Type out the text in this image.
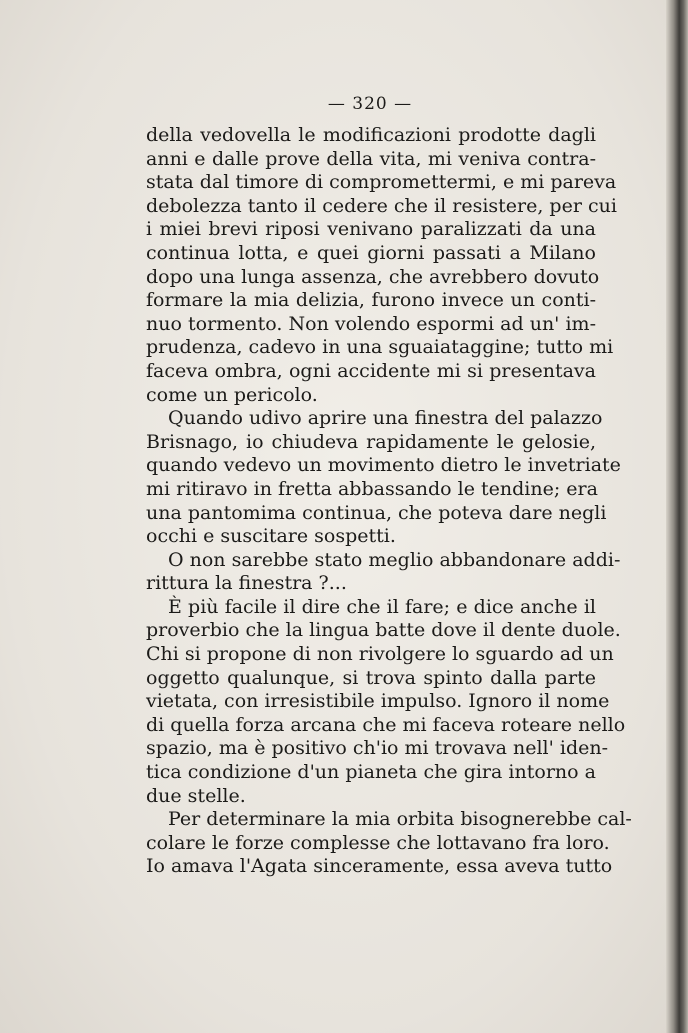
— 320 —
della vedovella le modificazioni prodotte dagli
anni e dalle prove della vita, mi veniva contra-
stata dal timore di compromettermi, e mi pareva
debolezza tanto il cedere che il resistere, per cui
i miei brevi riposi venivano paralizzati da una
continua lotta, e quei giorni passati a Milano
dopo una lunga assenza, che avrebbero dovuto
formare la mia delizia, furono invece un conti-
nuo tormento. Non volendo espormi ad un' im-
prudenza, cadevo in una sguaiataggine; tutto mi
faceva ombra, ogni accidente mi si presentava
come un pericolo.
Quando udivo aprire una finestra del palazzo
Brisnago, io chiudeva rapidamente le gelosie,
quando vedevo un movimento dietro le invetriate
mi ritiravo in fretta abbassando le tendine; era
una pantomima continua, che poteva dare negli
occhi e suscitare sospetti.
O non sarebbe stato meglio abbandonare addi-
rittura la finestra ?...
È più facile il dire che il fare; e dice anche il
proverbio che la lingua batte dove il dente duole.
Chi si propone di non rivolgere lo sguardo ad un
oggetto qualunque, si trova spinto dalla parte
vietata, con irresistibile impulso. Ignoro il nome
di quella forza arcana che mi faceva roteare nello
spazio, ma è positivo ch'io mi trovava nell' iden-
tica condizione d'un pianeta che gira intorno a
due stelle.
Per determinare la mia orbita bisognerebbe cal-
colare le forze complesse che lottavano fra loro.
Io amava l'Agata sinceramente, essa aveva tutto
